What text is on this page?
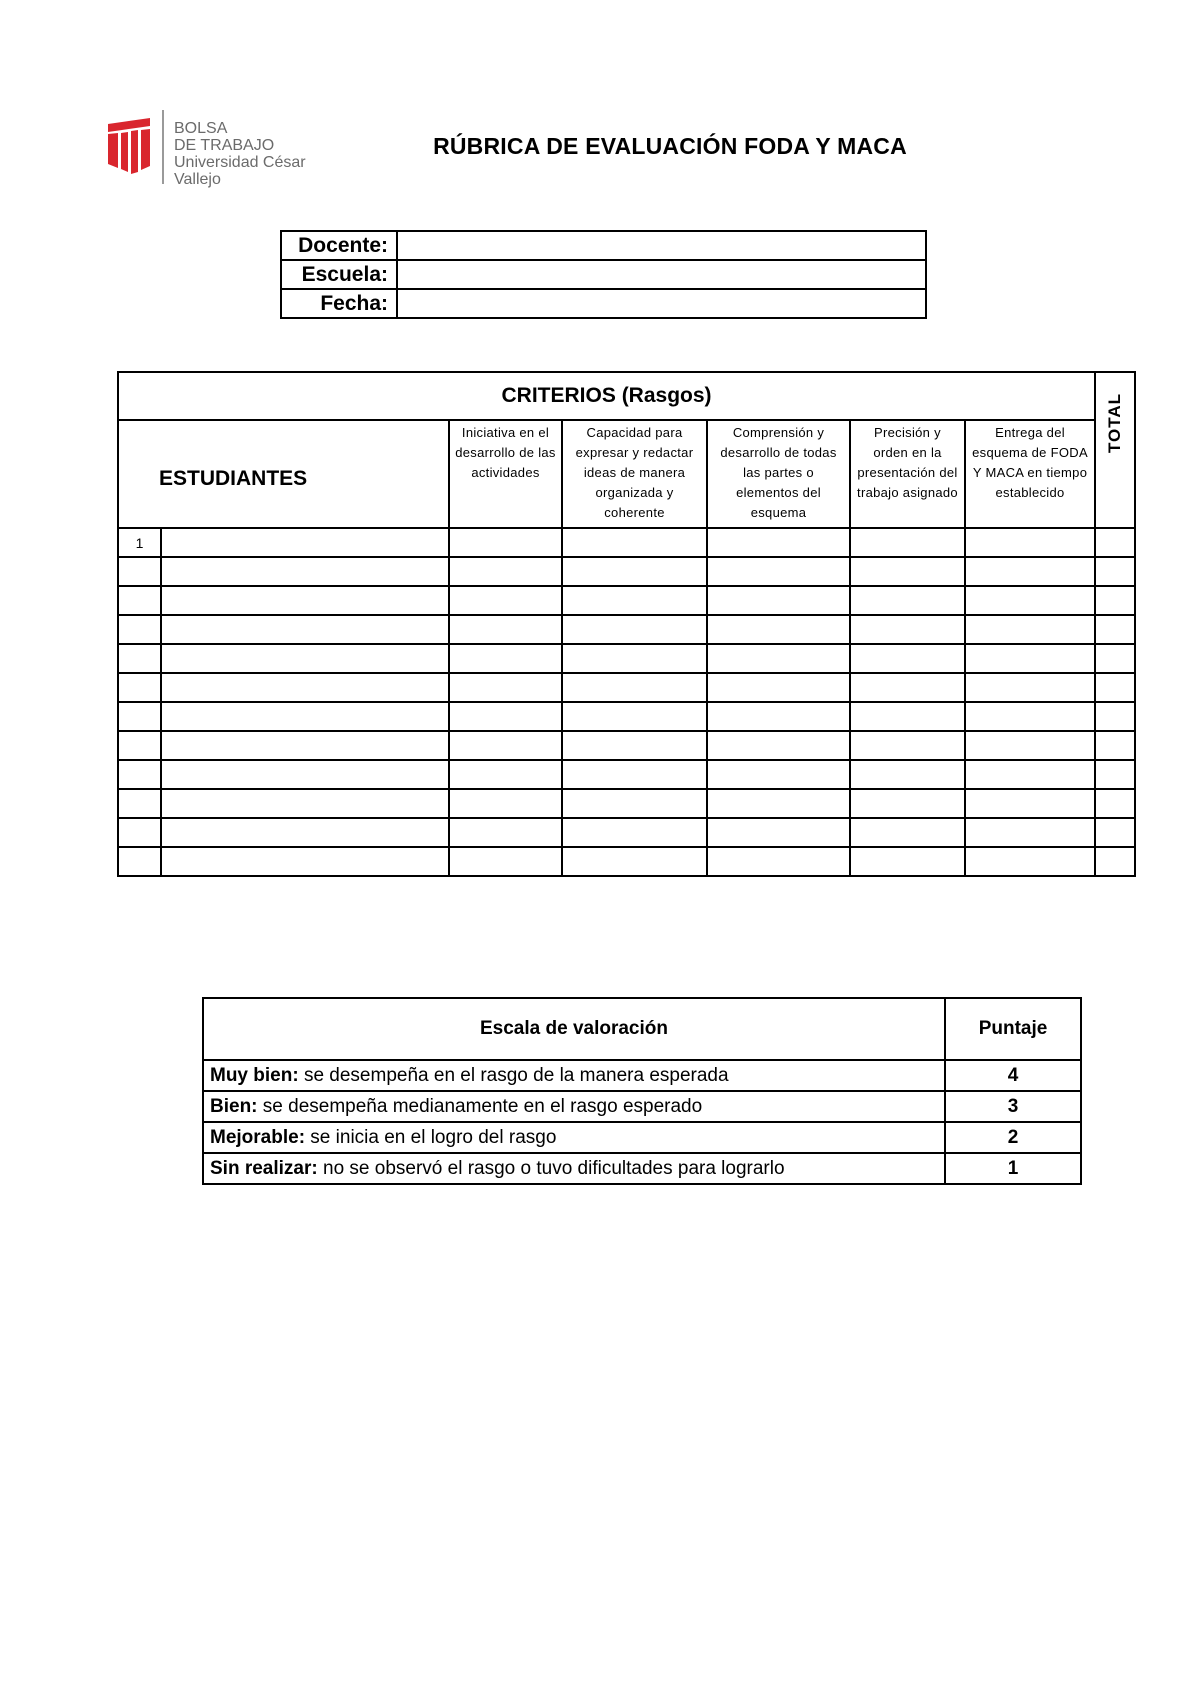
BOLSA
DE TRABAJO
Universidad César Vallejo
RÚBRICA DE EVALUACIÓN FODA Y MACA
Docente:	
Escuela:	
Fecha:	
CRITERIOS (Rasgos)							TOTAL

ESTUDIANTES		Iniciativa en el desarrollo de las actividades	Capacidad para expresar y redactar ideas de manera organizada y coherente	Comprensión y desarrollo de todas las partes o elementos del esquema	Precisión y orden en la presentación del trabajo asignado	Entrega del esquema de FODA Y MACA en tiempo establecido	
1							

Escala de valoración	Puntaje
Muy bien: se desempeña en el rasgo de la manera esperada	4
Bien: se desempeña medianamente en el rasgo esperado	3
Mejorable: se inicia en el logro del rasgo	2
Sin realizar: no se observó el rasgo o tuvo dificultades para lograrlo	1
